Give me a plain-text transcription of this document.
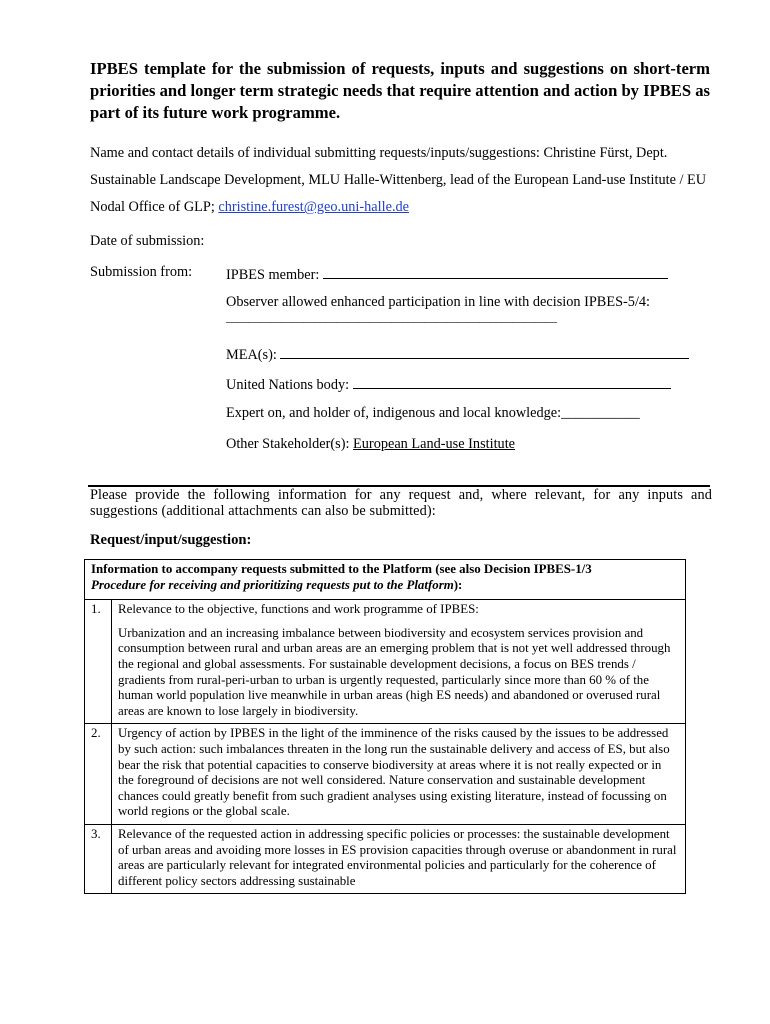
IPBES template for the submission of requests, inputs and suggestions on short-term priorities and longer term strategic needs that require attention and action by IPBES as part of its future work programme.

Name and contact details of individual submitting requests/inputs/suggestions: Christine Fürst, Dept. Sustainable Landscape Development, MLU Halle-Wittenberg, lead of the European Land-use Institute / EU Nodal Office of GLP; christine.furest@geo.uni-halle.de

Date of submission:

Submission from: IPBES member:
Observer allowed enhanced participation in line with decision IPBES-5/4:
——————————————————————————————
MEA(s):
United Nations body:
Expert on, and holder of, indigenous and local knowledge:___________
Other Stakeholder(s): European Land-use Institute

Please provide the following information for any request and, where relevant, for any inputs and suggestions (additional attachments can also be submitted):

Request/input/suggestion:

Information to accompany requests submitted to the Platform (see also Decision IPBES-1/3
Procedure for receiving and prioritizing requests put to the Platform):	
1.	Relevance to the objective, functions and work programme of IPBES:

Urbanization and an increasing imbalance between biodiversity and ecosystem services provision and consumption between rural and urban areas are an emerging problem that is not yet well addressed through the regional and global assessments. For sustainable development decisions, a focus on BES trends / gradients from rural-peri-urban to urban is urgently requested, particularly since more than 60 % of the human world population live meanwhile in urban areas (high ES needs) and abandoned or overused rural areas are known to lose largely in biodiversity.

2.	Urgency of action by IPBES in the light of the imminence of the risks caused by the issues to be addressed by such action: such imbalances threaten in the long run the sustainable delivery and access of ES, but also bear the risk that potential capacities to conserve biodiversity at areas where it is not really expected or in the foreground of decisions are not well considered. Nature conservation and sustainable development chances could greatly benefit from such gradient analyses using existing literature, instead of focussing on world regions or the global scale.

3.	Relevance of the requested action in addressing specific policies or processes: the sustainable development of urban areas and avoiding more losses in ES provision capacities through overuse or abandonment in rural areas are particularly relevant for integrated environmental policies and particularly for the coherence of different policy sectors addressing sustainable
